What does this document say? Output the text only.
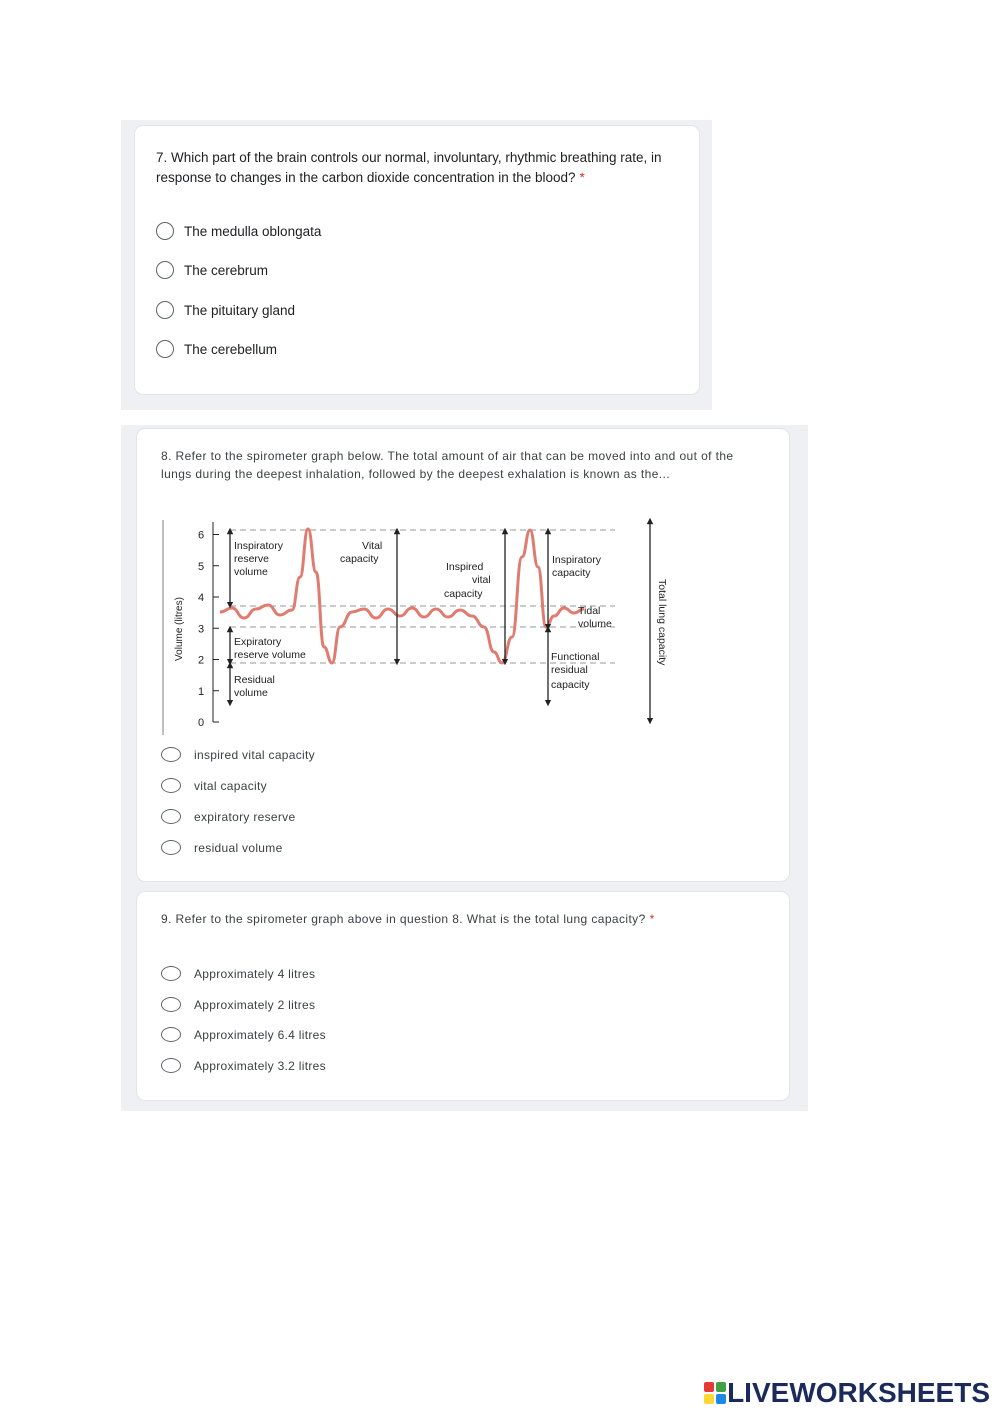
7. Which part of the brain controls our normal, involuntary, rhythmic breathing rate, in response to changes in the carbon dioxide concentration in the blood? *
The medulla oblongata
The cerebrum
The pituitary gland
The cerebellum
8. Refer to the spirometer graph below. The total amount of air that can be moved into and out of the lungs during the deepest inhalation, followed by the deepest exhalation is known as the...
0
1
2
3
4
5
6
Volume (litres)
Inspiratory
reserve
volume
Vital
capacity
Inspired
vital
capacity
Inspiratory
capacity
Tidal
volume
Expiratory
reserve volume	Functional
residual
capacity
Residual
volume
Total lung capacity
inspired vital capacity
vital capacity
expiratory reserve
residual volume
9. Refer to the spirometer graph above in question 8. What is the total lung capacity? *
Approximately 4 litres
Approximately 2 litres
Approximately 6.4 litres
Approximately 3.2 litres
LIVEWORKSHEETS
